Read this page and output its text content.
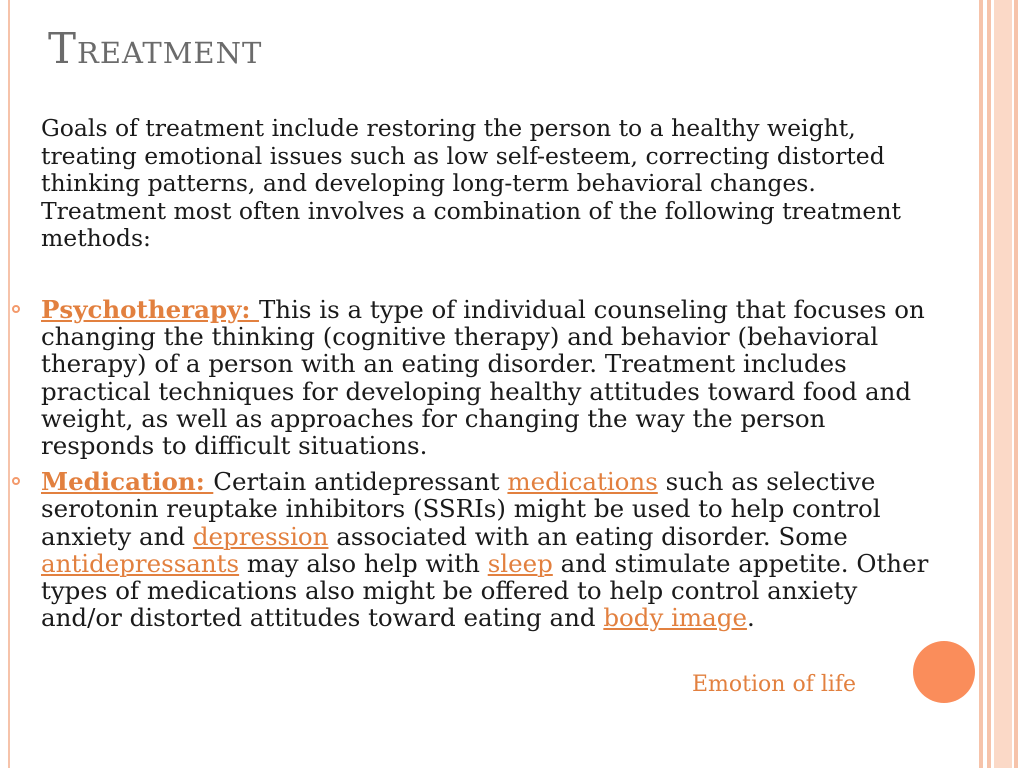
Treatment

Goals of treatment include restoring the person to a healthy weight, treating emotional issues such as low self-esteem, correcting distorted thinking patterns, and developing long-term behavioral changes. Treatment most often involves a combination of the following treatment methods:

Psychotherapy: This is a type of individual counseling that focuses on changing the thinking (cognitive therapy) and behavior (behavioral therapy) of a person with an eating disorder. Treatment includes practical techniques for developing healthy attitudes toward food and weight, as well as approaches for changing the way the person responds to difficult situations.
Medication: Certain antidepressant medications such as selective serotonin reuptake inhibitors (SSRIs) might be used to help control anxiety and depression associated with an eating disorder. Some antidepressants may also help with sleep and stimulate appetite. Other types of medications also might be offered to help control anxiety and/or distorted attitudes toward eating and body image.

Emotion of life
